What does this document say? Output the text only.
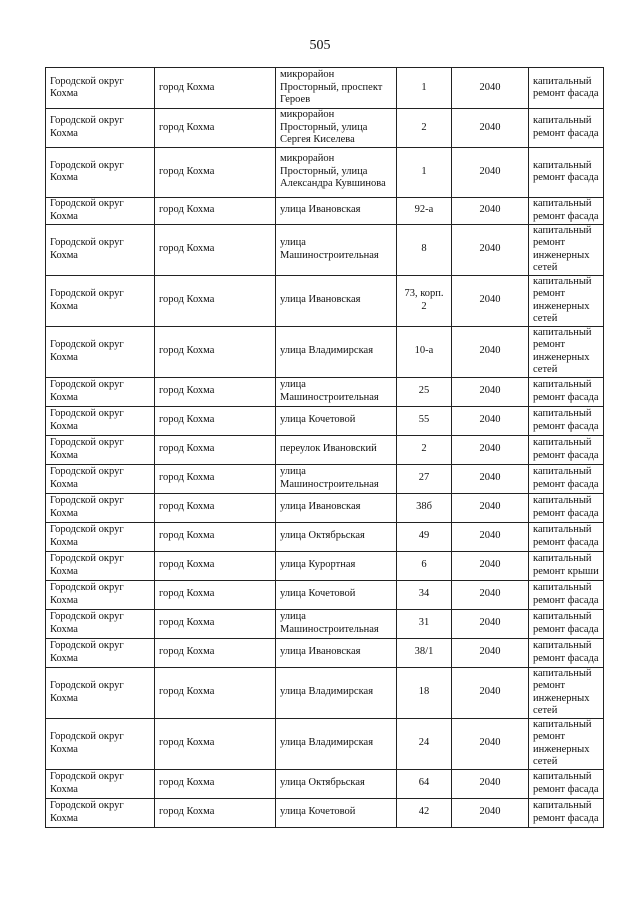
505
Городской округ Кохма	город Кохма	микрорайон Просторный, проспект Героев	1	2040	капитальный ремонт фасада
Городской округ Кохма	город Кохма	микрорайон Просторный, улица Сергея Киселева	2	2040	капитальный ремонт фасада
Городской округ Кохма	город Кохма	микрорайон Просторный, улица Александра Кувшинова	1	2040	капитальный ремонт фасада
Городской округ Кохма	город Кохма	улица Ивановская	92-а	2040	капитальный ремонт фасада
Городской округ Кохма	город Кохма	улица Машиностроительная	8	2040	капитальный ремонт инженерных сетей
Городской округ Кохма	город Кохма	улица Ивановская	73, корп. 2	2040	капитальный ремонт инженерных сетей
Городской округ Кохма	город Кохма	улица Владимирская	10-а	2040	капитальный ремонт инженерных сетей
Городской округ Кохма	город Кохма	улица Машиностроительная	25	2040	капитальный ремонт фасада
Городской округ Кохма	город Кохма	улица Кочетовой	55	2040	капитальный ремонт фасада
Городской округ Кохма	город Кохма	переулок Ивановский	2	2040	капитальный ремонт фасада
Городской округ Кохма	город Кохма	улица Машиностроительная	27	2040	капитальный ремонт фасада
Городской округ Кохма	город Кохма	улица Ивановская	38б	2040	капитальный ремонт фасада
Городской округ Кохма	город Кохма	улица Октябрьская	49	2040	капитальный ремонт фасада
Городской округ Кохма	город Кохма	улица Курортная	6	2040	капитальный ремонт крыши
Городской округ Кохма	город Кохма	улица Кочетовой	34	2040	капитальный ремонт фасада
Городской округ Кохма	город Кохма	улица Машиностроительная	31	2040	капитальный ремонт фасада
Городской округ Кохма	город Кохма	улица Ивановская	38/1	2040	капитальный ремонт фасада
Городской округ Кохма	город Кохма	улица Владимирская	18	2040	капитальный ремонт инженерных сетей
Городской округ Кохма	город Кохма	улица Владимирская	24	2040	капитальный ремонт инженерных сетей
Городской округ Кохма	город Кохма	улица Октябрьская	64	2040	капитальный ремонт фасада
Городской округ Кохма	город Кохма	улица Кочетовой	42	2040	капитальный ремонт фасада
